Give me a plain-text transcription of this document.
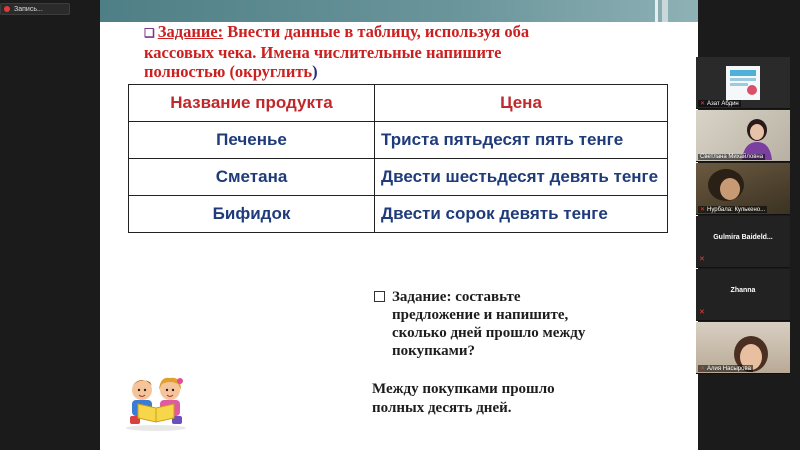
Запись...
❑ Задание: Внести данные в таблицу, используя оба
кассовых чека. Имена числительные напишите
полностью (округлить)
Название продукта	Цена
Печенье	Триста пятьдесят пять тенге
Сметана	Двести шестьдесят девять тенге
Бифидок	Двести сорок девять тенге
Задание: составьте
предложение и напишите,
сколько дней прошло между
покупками?
Между покупками прошло
полных десять дней.
✕ Азат Абдин
Светлана Михайловна
✕ Нурбала: Кулькено...
Gulmira Baideld...
✕
Zhanna
✕
✕ Алия Насырова
